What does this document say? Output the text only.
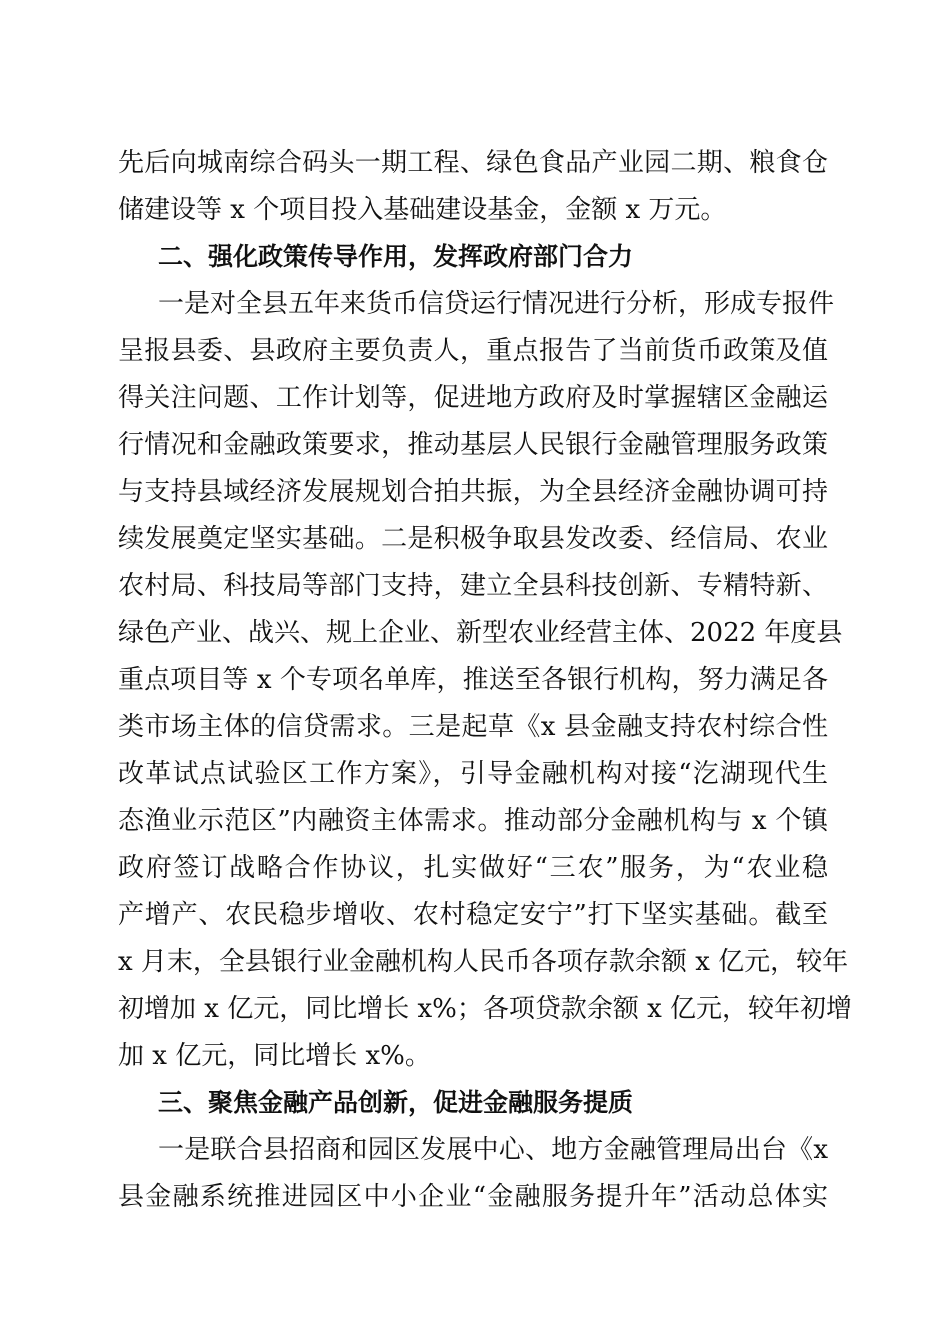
先后向城南综合码头一期工程、绿色食品产业园二期、粮食仓
储建设等 x 个项目投入基础建设基金，金额 x 万元。
二、强化政策传导作用，发挥政府部门合力
一是对全县五年来货币信贷运行情况进行分析，形成专报件
呈报县委、县政府主要负责人，重点报告了当前货币政策及值
得关注问题、工作计划等，促进地方政府及时掌握辖区金融运
行情况和金融政策要求，推动基层人民银行金融管理服务政策
与支持县域经济发展规划合拍共振，为全县经济金融协调可持
续发展奠定坚实基础。二是积极争取县发改委、经信局、农业
农村局、科技局等部门支持，建立全县科技创新、专精特新、
绿色产业、战兴、规上企业、新型农业经营主体、2022 年度县
重点项目等 x 个专项名单库，推送至各银行机构，努力满足各
类市场主体的信贷需求。三是起草《x 县金融支持农村综合性
改革试点试验区工作方案》，引导金融机构对接“汔湖现代生
态渔业示范区”内融资主体需求。推动部分金融机构与 x 个镇
政府签订战略合作协议，扎实做好“三农”服务，为“农业稳
产增产、农民稳步增收、农村稳定安宁”打下坚实基础。截至
x 月末，全县银行业金融机构人民币各项存款余额 x 亿元，较年
初增加 x 亿元，同比增长 x%；各项贷款余额 x 亿元，较年初增
加 x 亿元，同比增长 x%。
三、聚焦金融产品创新，促进金融服务提质
一是联合县招商和园区发展中心、地方金融管理局出台《x
县金融系统推进园区中小企业“金融服务提升年”活动总体实
